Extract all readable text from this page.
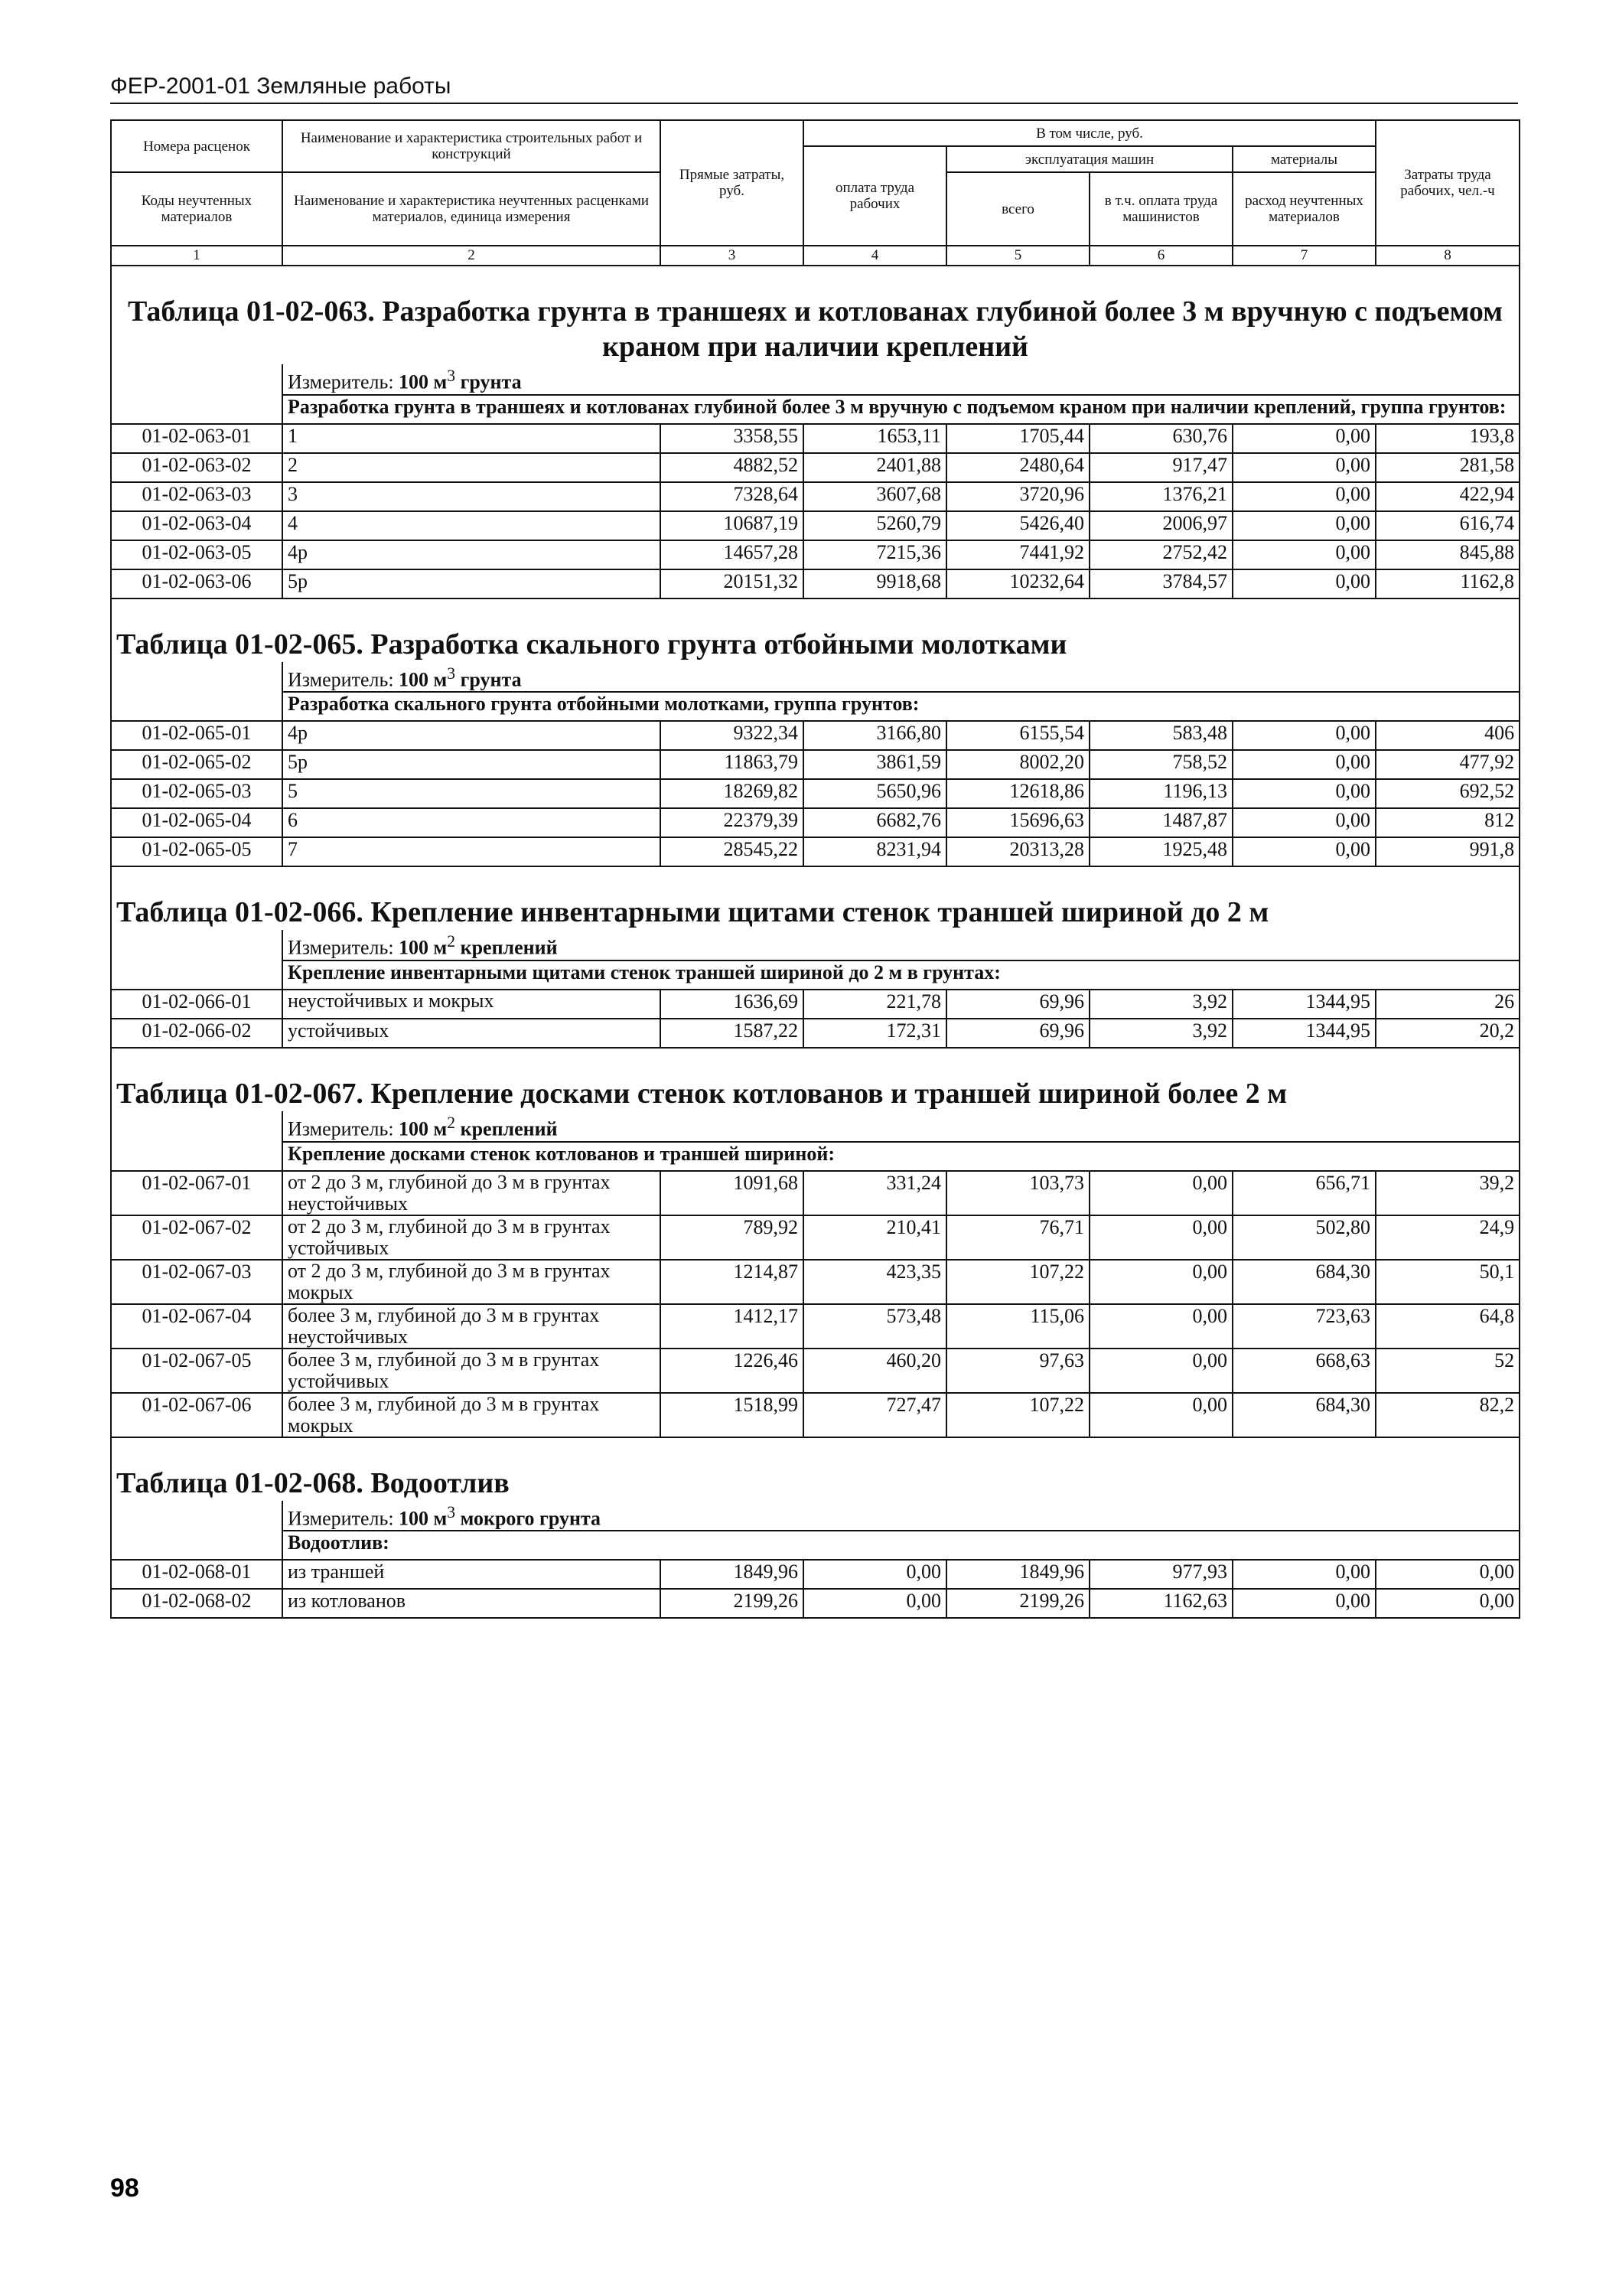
ФЕР-2001-01 Земляные работы
Номера расценок	Наименование и характеристика строительных работ и конструкций	Прямые затраты, руб.	В том числе, руб.				Затраты труда рабочих, чел.-ч
			оплата труда рабочих	эксплуатация машин		материалы	
Коды неучтенных материалов	Наименование и характеристика неучтенных расценками материалов, единица измерения			всего	в т.ч. оплата труда машинистов	расход неучтенных материалов	

1	2	3	4	5	6	7	8
Таблица 01-02-063. Разработка грунта в траншеях и котлованах глубиной более 3 м вручную с подъемом краном при наличии креплений							

	Измеритель: 100 $м^3$ грунта						
	Разработка грунта в траншеях и котлованах глубиной более 3 м вручную с подъемом краном при наличии креплений, группа грунтов:						
01-02-063-01	1	3358,55	1653,11	1705,44	630,76	0,00	193,8
01-02-063-02	2	4882,52	2401,88	2480,64	917,47	0,00	281,58
01-02-063-03	3	7328,64	3607,68	3720,96	1376,21	0,00	422,94
01-02-063-04	4	10687,19	5260,79	5426,40	2006,97	0,00	616,74
01-02-063-05	4р	14657,28	7215,36	7441,92	2752,42	0,00	845,88
01-02-063-06	5р	20151,32	9918,68	10232,64	3784,57	0,00	1162,8

Таблица 01-02-065. Разработка скального грунта отбойными молотками							

	Измеритель: 100 $м^3$ грунта						
	Разработка скального грунта отбойными молотками, группа грунтов:						
01-02-065-01	4р	9322,34	3166,80	6155,54	583,48	0,00	406
01-02-065-02	5р	11863,79	3861,59	8002,20	758,52	0,00	477,92
01-02-065-03	5	18269,82	5650,96	12618,86	1196,13	0,00	692,52
01-02-065-04	6	22379,39	6682,76	15696,63	1487,87	0,00	812
01-02-065-05	7	28545,22	8231,94	20313,28	1925,48	0,00	991,8

Таблица 01-02-066. Крепление инвентарными щитами стенок траншей шириной до 2 м							

	Измеритель: 100 $м^2$ креплений						
	Крепление инвентарными щитами стенок траншей шириной до 2 м в грунтах:						
01-02-066-01	неустойчивых и мокрых	1636,69	221,78	69,96	3,92	1344,95	26
01-02-066-02	устойчивых	1587,22	172,31	69,96	3,92	1344,95	20,2

Таблица 01-02-067. Крепление досками стенок котлованов и траншей шириной более 2 м							

	Измеритель: 100 $м^2$ креплений						
	Крепление досками стенок котлованов и траншей шириной:						
01-02-067-01	от 2 до 3 м, глубиной до 3 м в грунтах неустойчивых	1091,68	331,24	103,73	0,00	656,71	39,2
01-02-067-02	от 2 до 3 м, глубиной до 3 м в грунтах устойчивых	789,92	210,41	76,71	0,00	502,80	24,9
01-02-067-03	от 2 до 3 м, глубиной до 3 м в грунтах мокрых	1214,87	423,35	107,22	0,00	684,30	50,1
01-02-067-04	более 3 м, глубиной до 3 м в грунтах неустойчивых	1412,17	573,48	115,06	0,00	723,63	64,8
01-02-067-05	более 3 м, глубиной до 3 м в грунтах устойчивых	1226,46	460,20	97,63	0,00	668,63	52
01-02-067-06	более 3 м, глубиной до 3 м в грунтах мокрых	1518,99	727,47	107,22	0,00	684,30	82,2

Таблица 01-02-068. Водоотлив							

	Измеритель: 100 $м^3$ мокрого грунта						
	Водоотлив:						
01-02-068-01	из траншей	1849,96	0,00	1849,96	977,93	0,00	0,00
01-02-068-02	из котлованов	2199,26	0,00	2199,26	1162,63	0,00	0,00
98
